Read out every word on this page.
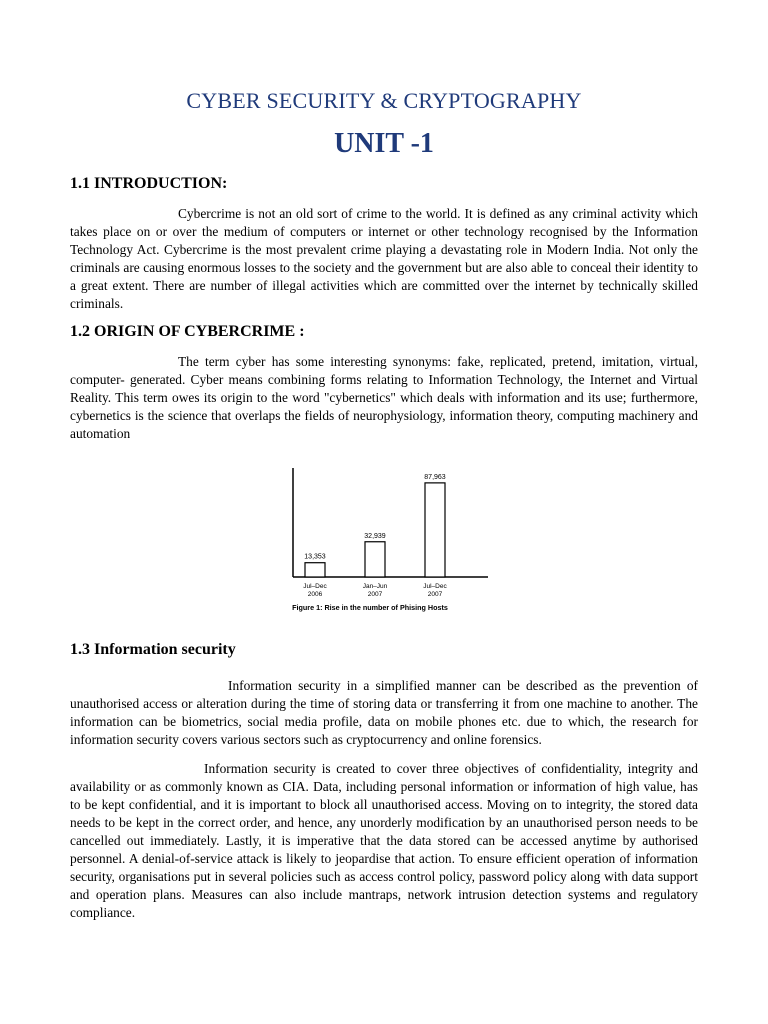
CYBER SECURITY & CRYPTOGRAPHY
UNIT -1
1.1 INTRODUCTION:
Cybercrime is not an old sort of crime to the world. It is defined as any criminal activity which takes place on or over the medium of computers or internet or other technology recognised by the Information Technology Act. Cybercrime is the most prevalent crime playing a devastating role in Modern India. Not only the criminals are causing enormous losses to the society and the government but are also able to conceal their identity to a great extent. There are number of illegal activities which are committed over the internet by technically skilled criminals.
1.2 ORIGIN OF CYBERCRIME :
The term cyber has some interesting synonyms: fake, replicated, pretend, imitation, virtual, computer- generated. Cyber means combining forms relating to Information Technology, the Internet and Virtual Reality. This term owes its origin to the word "cybernetics" which deals with information and its use; furthermore, cybernetics is the science that overlaps the fields of neurophysiology, information theory, computing machinery and automation
13,353
32,939
87,963
Jul–Dec
2006
Jan–Jun
2007
Jul–Dec
2007
Figure 1: Rise in the number of Phising Hosts
1.3 Information security
Information security in a simplified manner can be described as the prevention of unauthorised access or alteration during the time of storing data or transferring it from one machine to another. The information can be biometrics, social media profile, data on mobile phones etc. due to which, the research for information security covers various sectors such as cryptocurrency and online forensics.
Information security is created to cover three objectives of confidentiality, integrity and availability or as commonly known as CIA. Data, including personal information or information of high value, has to be kept confidential, and it is important to block all unauthorised access. Moving on to integrity, the stored data needs to be kept in the correct order, and hence, any unorderly modification by an unauthorised person needs to be cancelled out immediately. Lastly, it is imperative that the data stored can be accessed anytime by authorised personnel. A denial-of-service attack is likely to jeopardise that action. To ensure efficient operation of information security, organisations put in several policies such as access control policy, password policy along with data support and operation plans. Measures can also include mantraps, network intrusion detection systems and regulatory compliance.
